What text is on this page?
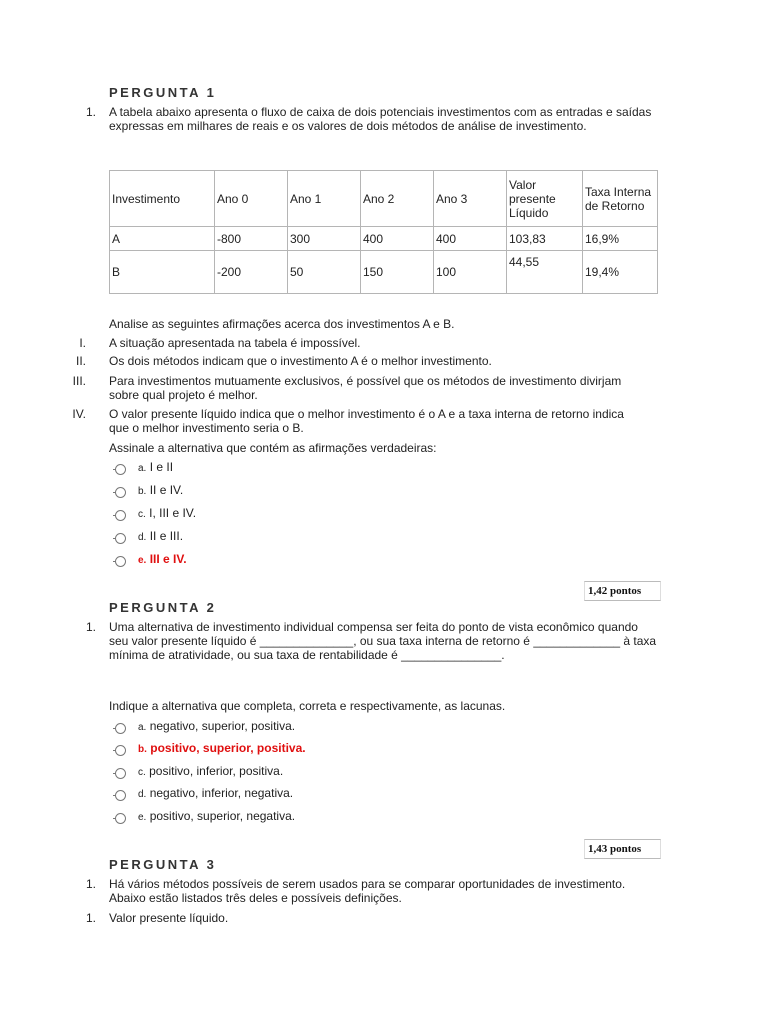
PERGUNTA 1
1. A tabela abaixo apresenta o fluxo de caixa de dois potenciais investimentos com as entradas e saídas expressas em milhares de reais e os valores de dois métodos de análise de investimento.
Investimento	Ano 0	Ano 1	Ano 2	Ano 3	Valor presente Líquido	Taxa Interna de Retorno
A	-800	300	400	400	103,83	16,9%
B	-200	50	150	100	44,55	19,4%
Analise as seguintes afirmações acerca dos investimentos A e B.
I. A situação apresentada na tabela é impossível.
II. Os dois métodos indicam que o investimento A é o melhor investimento.
III. Para investimentos mutuamente exclusivos, é possível que os métodos de investimento divirjam sobre qual projeto é melhor.
IV. O valor presente líquido indica que o melhor investimento é o A e a taxa interna de retorno indica que o melhor investimento seria o B.
Assinale a alternativa que contém as afirmações verdadeiras:
a. I e II
b. II e IV.
c. I, III e IV.
d. II e III.
e. III e IV.
1,42 pontos
PERGUNTA 2
1. Uma alternativa de investimento individual compensa ser feita do ponto de vista econômico quando seu valor presente líquido é ______________, ou sua taxa interna de retorno é _____________ à taxa mínima de atratividade, ou sua taxa de rentabilidade é _______________.
Indique a alternativa que completa, correta e respectivamente, as lacunas.
a. negativo, superior, positiva.
b. positivo, superior, positiva.
c. positivo, inferior, positiva.
d. negativo, inferior, negativa.
e. positivo, superior, negativa.
1,43 pontos
PERGUNTA 3
1. Há vários métodos possíveis de serem usados para se comparar oportunidades de investimento. Abaixo estão listados três deles e possíveis definições.
1. Valor presente líquido.
